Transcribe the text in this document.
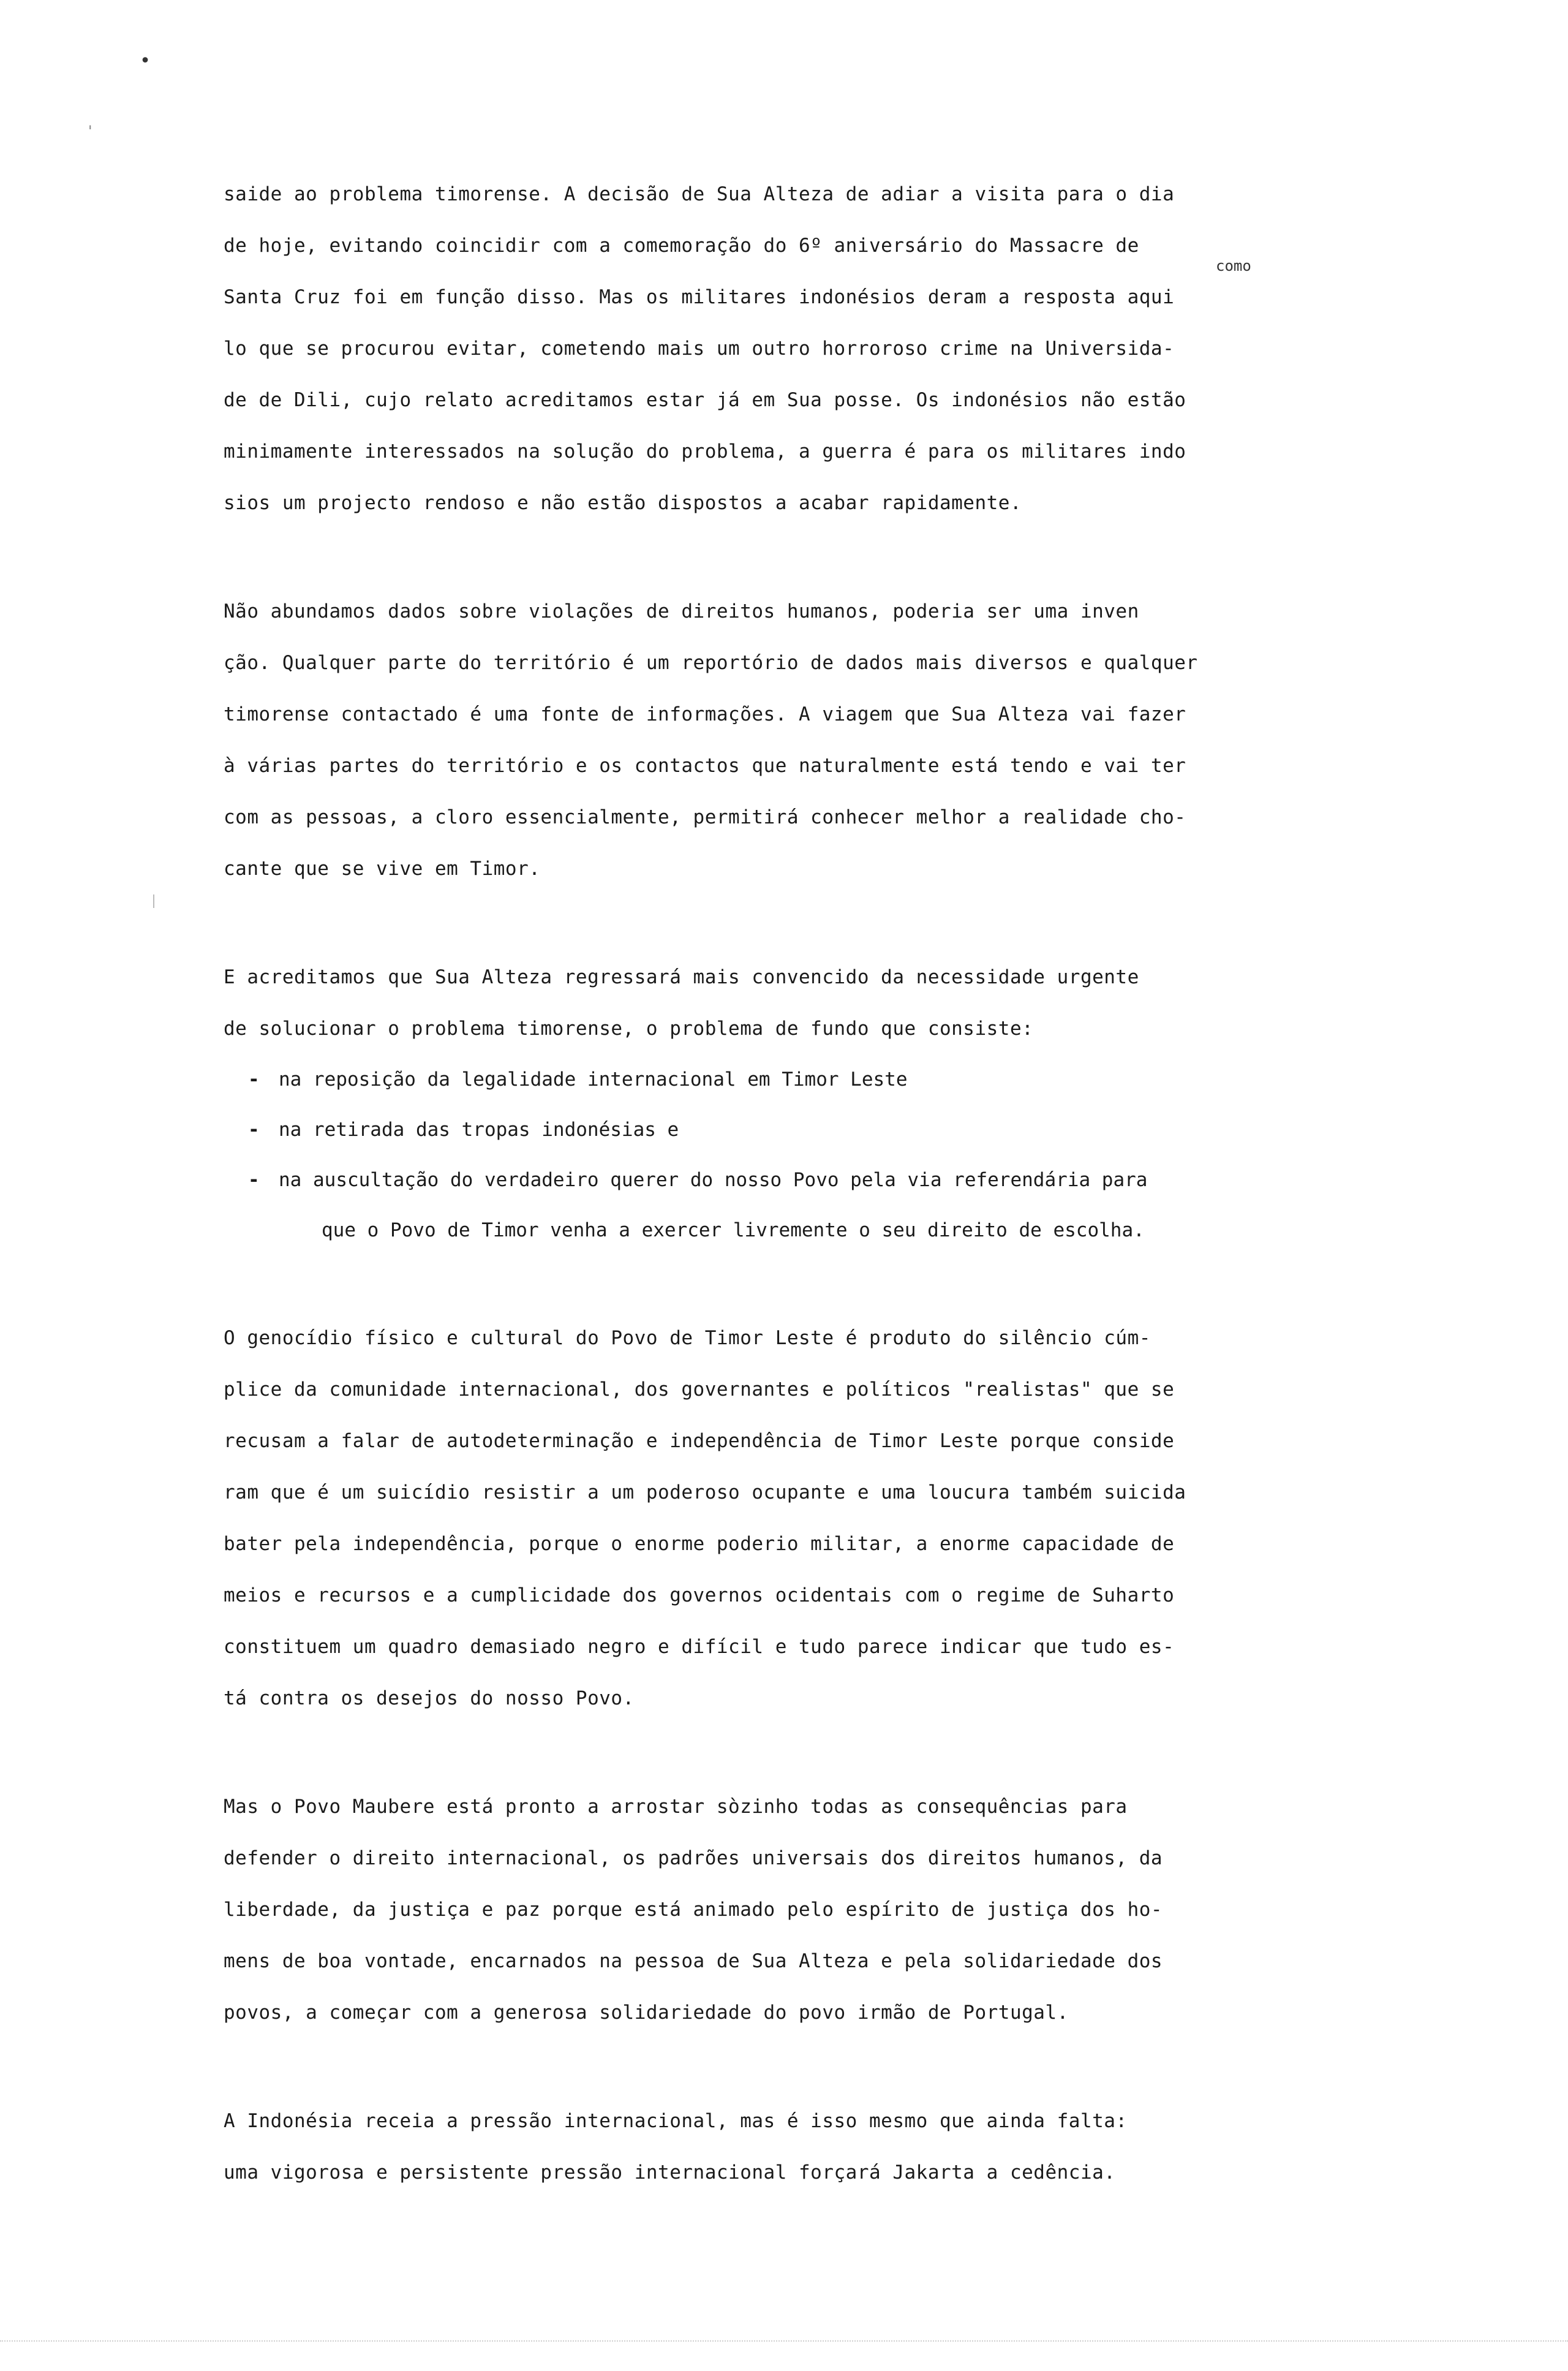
•
'
saide ao problema timorense. A decisão de Sua Alteza de adiar a visita para o dia
de hoje, evitando coincidir com a comemoração do 6º aniversário do Massacre de
Santa Cruz foi em função disso. Mas os militares indonésios deram a resposta aqui
lo que se procurou evitar, cometendo mais um outro horroroso crime na Universida-
de de Dili, cujo relato acreditamos estar já em Sua posse. Os indonésios não estão
minimamente interessados na solução do problema, a guerra é para os militares indo
sios um projecto rendoso e não estão dispostos a acabar rapidamente.
Não abundamos dados sobre violações de direitos humanos, poderia ser uma inven
ção. Qualquer parte do território é um reportório de dados mais diversos e qualquer
timorense contactado é uma fonte de informações. A viagem que Sua Alteza vai fazer
à várias partes do território e os contactos que naturalmente está tendo e vai ter
com as pessoas, a cloro essencialmente, permitirá conhecer melhor a realidade cho-
cante que se vive em Timor.
E acreditamos que Sua Alteza regressará mais convencido da necessidade urgente
de solucionar o problema timorense, o problema de fundo que consiste:
- na reposição da legalidade internacional em Timor Leste
- na retirada das tropas indonésias e
- na auscultação do verdadeiro querer do nosso Povo pela via referendária para
que o Povo de Timor venha a exercer livremente o seu direito de escolha.
O genocídio físico e cultural do Povo de Timor Leste é produto do silêncio cúm-
plice da comunidade internacional, dos governantes e políticos "realistas" que se
recusam a falar de autodeterminação e independência de Timor Leste porque conside
ram que é um suicídio resistir a um poderoso ocupante e uma loucura também suicida
bater pela independência, porque o enorme poderio militar, a enorme capacidade de
meios e recursos e a cumplicidade dos governos ocidentais com o regime de Suharto
constituem um quadro demasiado negro e difícil e tudo parece indicar que tudo es-
tá contra os desejos do nosso Povo.
Mas o Povo Maubere está pronto a arrostar sòzinho todas as consequências para
defender o direito internacional, os padrões universais dos direitos humanos, da
liberdade, da justiça e paz porque está animado pelo espírito de justiça dos ho-
mens de boa vontade, encarnados na pessoa de Sua Alteza e pela solidariedade dos
povos, a começar com a generosa solidariedade do povo irmão de Portugal.
A Indonésia receia a pressão internacional, mas é isso mesmo que ainda falta:
uma vigorosa e persistente pressão internacional forçará Jakarta a cedência.
como
